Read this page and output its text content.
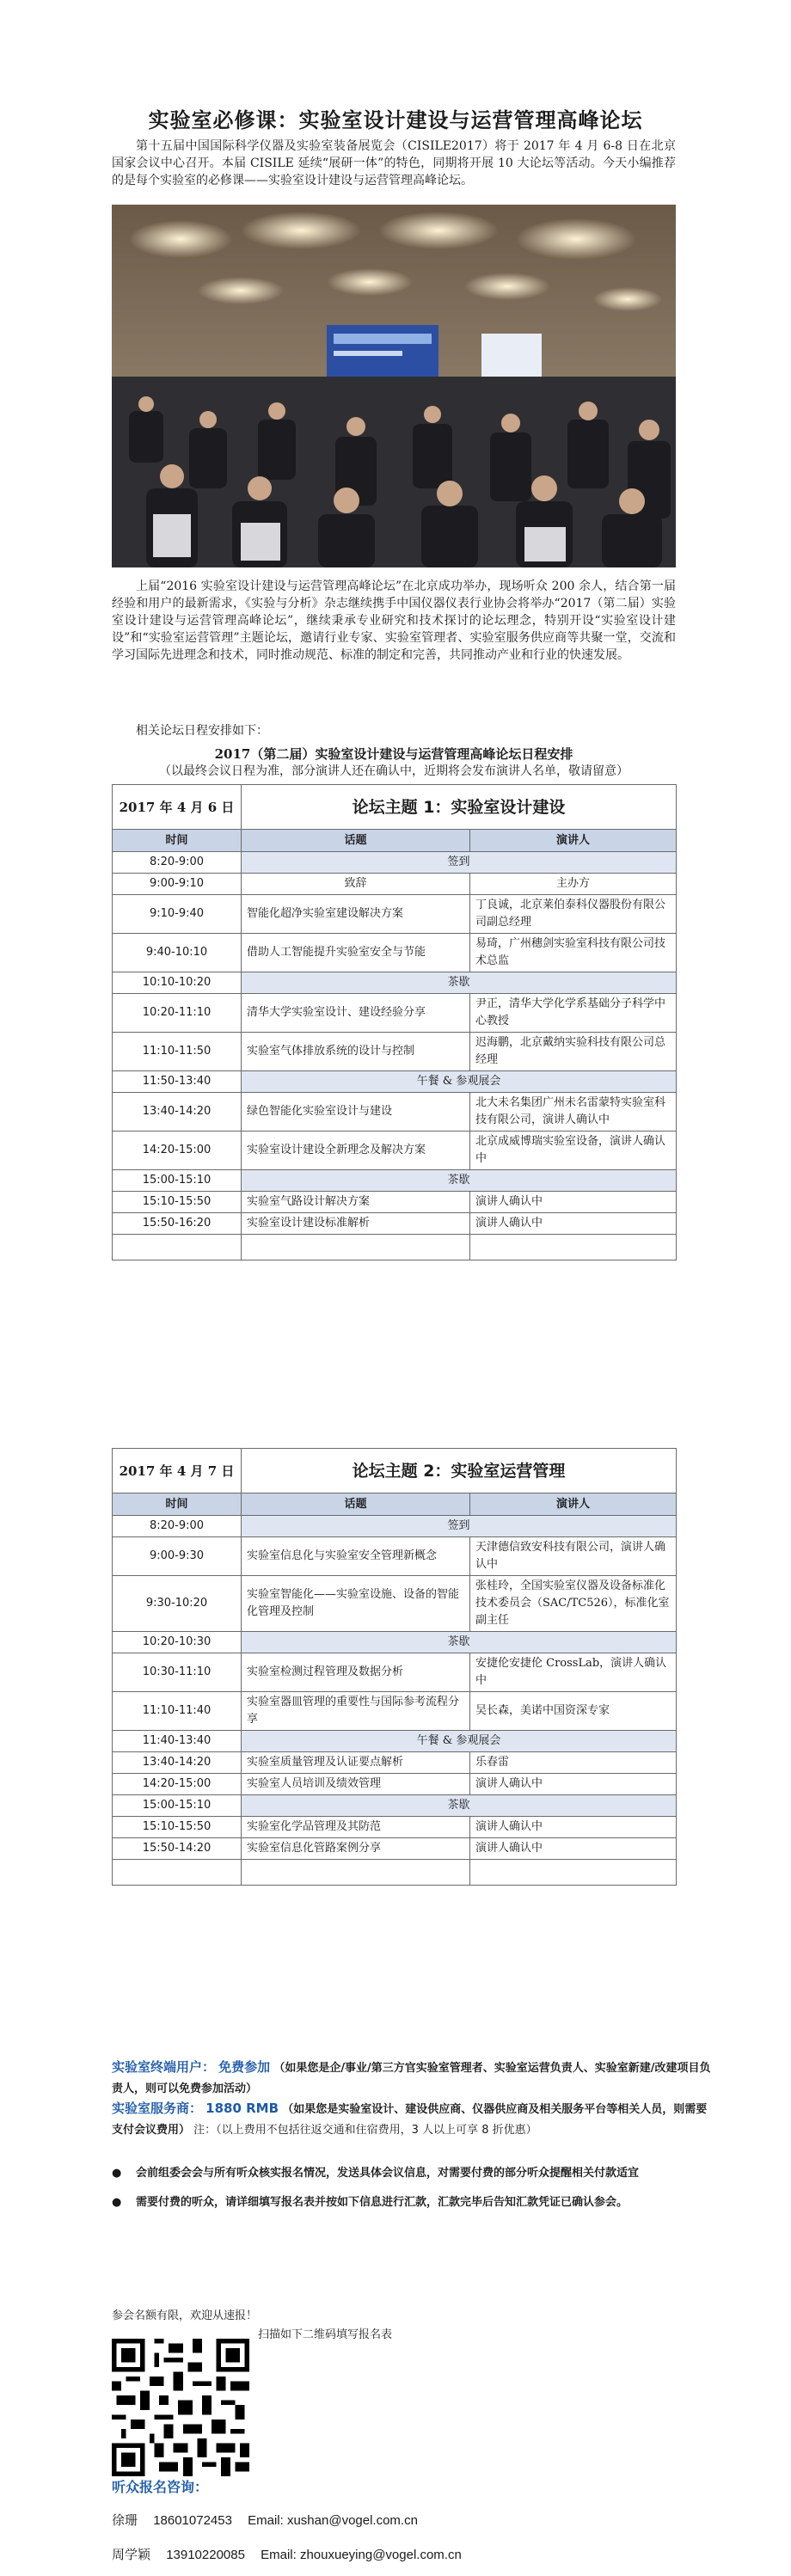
实验室必修课：实验室设计建设与运营管理高峰论坛

第十五届中国国际科学仪器及实验室装备展览会（CISILE2017）将于 2017 年 4 月 6-8 日在北京国家会议中心召开。本届 CISILE 延续“展研一体”的特色，同期将开展 10 大论坛等活动。今天小编推荐的是每个实验室的必修课——实验室设计建设与运营管理高峰论坛。

上届“2016 实验室设计建设与运营管理高峰论坛”在北京成功举办，现场听众 200 余人，结合第一届经验和用户的最新需求，《实验与分析》杂志继续携手中国仪器仪表行业协会将举办“2017（第二届）实验室设计建设与运营管理高峰论坛”，继续秉承专业研究和技术探讨的论坛理念，特别开设“实验室设计建设”和“实验室运营管理”主题论坛，邀请行业专家、实验室管理者、实验室服务供应商等共聚一堂，交流和学习国际先进理念和技术，同时推动规范、标准的制定和完善，共同推动产业和行业的快速发展。

相关论坛日程安排如下：

2017（第二届）实验室设计建设与运营管理高峰论坛日程安排
（以最终会议日程为准，部分演讲人还在确认中，近期将会发布演讲人名单，敬请留意）
2017 年 4 月 6 日	论坛主题 1：实验室设计建设	
时间	话题	演讲人
8:20-9:00	签到	
9:00-9:10	致辞	主办方
9:10-9:40	智能化超净实验室建设解决方案	丁良诚，北京莱伯泰科仪器股份有限公司副总经理
9:40-10:10	借助人工智能提升实验室安全与节能	易琦，广州穗剑实验室科技有限公司技术总监
10:10-10:20	茶歇	
10:20-11:10	清华大学实验室设计、建设经验分享	尹正，清华大学化学系基础分子科学中心教授
11:10-11:50	实验室气体排放系统的设计与控制	迟海鹏，北京戴纳实验科技有限公司总经理
11:50-13:40	午餐 & 参观展会	
13:40-14:20	绿色智能化实验室设计与建设	北大未名集团广州未名雷蒙特实验室科技有限公司，演讲人确认中
14:20-15:00	实验室设计建设全新理念及解决方案	北京成威博瑞实验室设备，演讲人确认中
15:00-15:10	茶歇	
15:10-15:50	实验室气路设计解决方案	演讲人确认中
15:50-16:20	实验室设计建设标准解析	演讲人确认中

2017 年 4 月 7 日	论坛主题 2：实验室运营管理	
时间	话题	演讲人
8:20-9:00	签到	
9:00-9:30	实验室信息化与实验室安全管理新概念	天津德信致安科技有限公司，演讲人确认中
9:30-10:20	实验室智能化——实验室设施、设备的智能化管理及控制	张桂玲，全国实验室仪器及设备标准化技术委员会（SAC/TC526），标准化室副主任
10:20-10:30	茶歇	
10:30-11:10	实验室检测过程管理及数据分析	安捷伦安捷伦 CrossLab，演讲人确认中
11:10-11:40	实验室器皿管理的重要性与国际参考流程分享	吴长森，美诺中国资深专家
11:40-13:40	午餐 & 参观展会	
13:40-14:20	实验室质量管理及认证要点解析	乐春雷
14:20-15:00	实验室人员培训及绩效管理	演讲人确认中
15:00-15:10	茶歇	
15:10-15:50	实验室化学品管理及其防范	演讲人确认中
15:50-14:20	实验室信息化管路案例分享	演讲人确认中

实验室终端用户： 免费参加 （如果您是企/事业/第三方官实验室管理者、实验室运营负责人、实验室新建/改建项目负责人，则可以免费参加活动）
实验室服务商： 1880 RMB （如果您是实验室设计、建设供应商、仪器供应商及相关服务平台等相关人员，则需要支付会议费用） 注：（以上费用不包括往返交通和住宿费用，3 人以上可享 8 折优惠）
●	会前组委会会与所有听众核实报名情况，发送具体会议信息，对需要付费的部分听众提醒相关付款适宜
●	需要付费的听众，请详细填写报名表并按如下信息进行汇款，汇款完毕后告知汇款凭证已确认参会。
参会名额有限，欢迎从速报！
扫描如下二维码填写报名表
听众报名咨询：
徐珊 18601072453 Email: xushan@vogel.com.cn
周学颖 13910220085 Email: zhouxueying@vogel.com.cn
